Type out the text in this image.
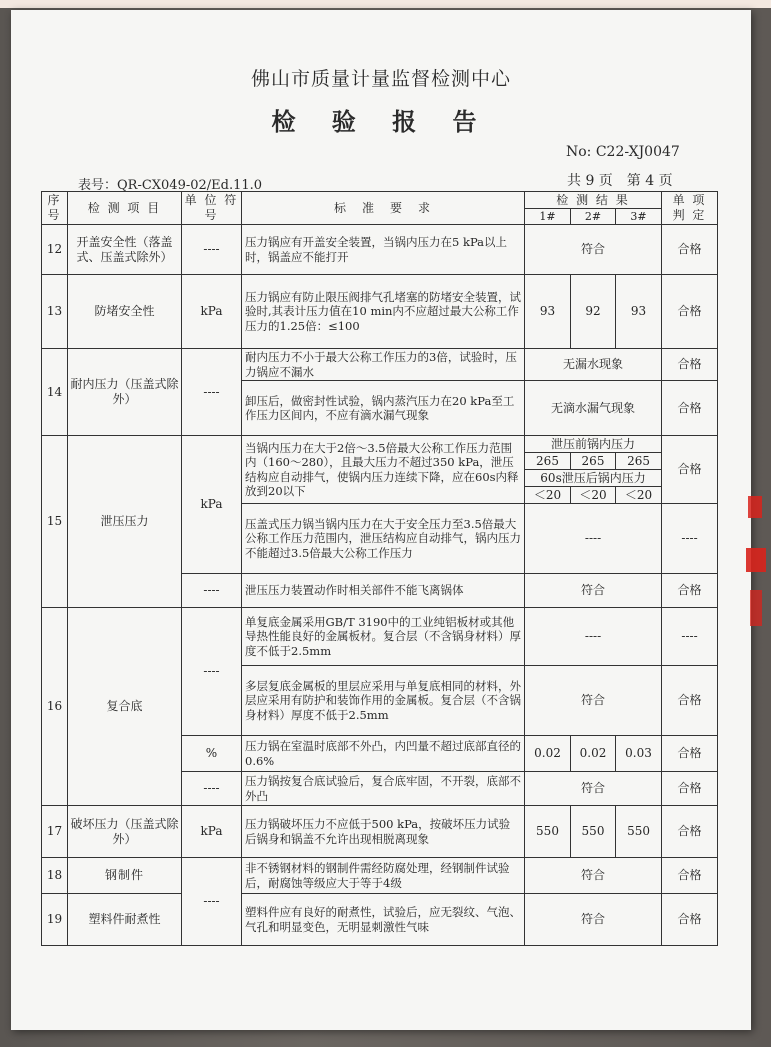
佛山市质量计量监督检测中心
检 验 报 告
No: C22-XJ0047
共 9 页　第 4 页
表号：QR-CX049-02/Ed.11.0
序号	检 测 项 目	单 位 符 号	标　准　要　求	检 测 结 果			单 项 判 定
				1#	2#	3#	
12	开盖安全性（落盖式、压盖式除外）	----	压力锅应有开盖安全装置，当锅内压力在5 kPa以上时，锅盖应不能打开	符合			合格
13	防堵安全性	kPa	压力锅应有防止限压阀排气孔堵塞的防堵安全装置，试验时,其表计压力值在10 min内不应超过最大公称工作压力的1.25倍：≤100	93	92	93	合格
14	耐内压力（压盖式除外）	----	耐内压力不小于最大公称工作压力的3倍，试验时，压力锅应不漏水	无漏水现象			合格
			卸压后，做密封性试验，锅内蒸汽压力在20 kPa至工作压力区间内，不应有滴水漏气现象	无滴水漏气现象			合格
15	泄压压力	kPa	当锅内压力在大于2倍～3.5倍最大公称工作压力范围内（160～280），且最大压力不超过350 kPa，泄压结构应自动排气，使锅内压力连续下降，应在60s内释放到20以下	泄压前锅内压力			合格
				265	265	265	
				60s泄压后锅内压力			
				＜20	＜20	＜20	
			压盖式压力锅当锅内压力在大于安全压力至3.5倍最大公称工作压力范围内，泄压结构应自动排气，锅内压力不能超过3.5倍最大公称工作压力	----			----
		----	泄压压力装置动作时相关部件不能飞离锅体	符合			合格
16	复合底	----	单复底金属采用GB/T 3190中的工业纯铝板材或其他导热性能良好的金属板材。复合层（不含锅身材料）厚度不低于2.5mm	----			----
			多层复底金属板的里层应采用与单复底相同的材料，外层应采用有防护和装饰作用的金属板。复合层（不含锅身材料）厚度不低于2.5mm	符合			合格
		%	压力锅在室温时底部不外凸，内凹量不超过底部直径的0.6%	0.02	0.02	0.03	合格
		----	压力锅按复合底试验后，复合底牢固，不开裂，底部不外凸	符合			合格
17	破坏压力（压盖式除外）	kPa	压力锅破坏压力不应低于500 kPa，按破坏压力试验后锅身和锅盖不允许出现相脱离现象	550	550	550	合格
18	钢制件	----	非不锈钢材料的钢制件需经防腐处理，经钢制件试验后，耐腐蚀等级应大于等于4级	符合			合格
19	塑料件耐煮性		塑料件应有良好的耐煮性，试验后，应无裂纹、气泡、气孔和明显变色，无明显刺激性气味	符合			合格
